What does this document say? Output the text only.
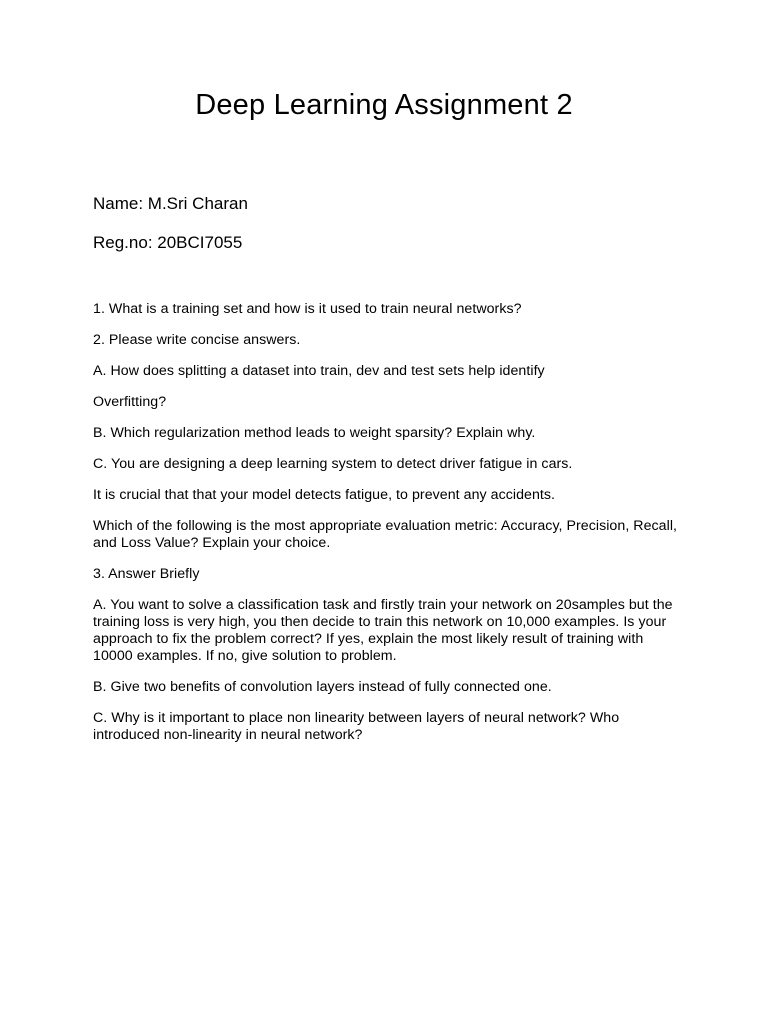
Deep Learning Assignment 2
Name: M.Sri Charan
Reg.no: 20BCI7055

1. What is a training set and how is it used to train neural networks?

2. Please write concise answers.

A. How does splitting a dataset into train, dev and test sets help identify

Overfitting?

B. Which regularization method leads to weight sparsity? Explain why.

C. You are designing a deep learning system to detect driver fatigue in cars.

It is crucial that that your model detects fatigue, to prevent any accidents.

Which of the following is the most appropriate evaluation metric: Accuracy, Precision, Recall, and Loss Value? Explain your choice.

3. Answer Briefly

A. You want to solve a classification task and firstly train your network on 20samples but the training loss is very high, you then decide to train this network on 10,000 examples. Is your approach to fix the problem correct? If yes, explain the most likely result of training with 10000 examples. If no, give solution to problem.

B. Give two benefits of convolution layers instead of fully connected one.

C. Why is it important to place non linearity between layers of neural network? Who introduced non-linearity in neural network?
